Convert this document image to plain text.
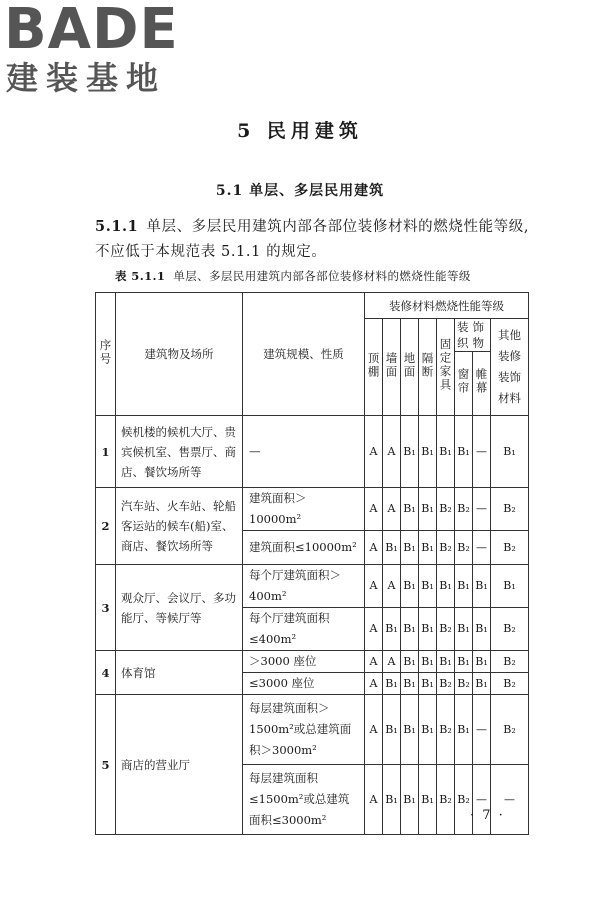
BADE
建装基地
5 民用建筑
5.1 单层、多层民用建筑
5.1.1 单层、多层民用建筑内部各部位装修材料的燃烧性能等级,不应低于本规范表 5.1.1 的规定。
表 5.1.1 单层、多层民用建筑内部各部位装修材料的燃烧性能等级
序号	建筑物及场所	建筑规模、性质	装修材料燃烧性能等级							
			顶棚	墙面	地面	隔断	固定家具	装饰织物		其他装修装饰材料
								窗帘	帷幕	
1	候机楼的候机大厅、贵宾候机室、售票厅、商店、餐饮场所等	—	A	A	B₁	B₁	B₁	B₁	—	B₁
2	汽车站、火车站、轮船客运站的候车(船)室、商店、餐饮场所等	建筑面积＞10000m²	A	A	B₁	B₁	B₂	B₂	—	B₂
		建筑面积≤10000m²	A	B₁	B₁	B₁	B₂	B₂	—	B₂
3	观众厅、会议厅、多功能厅、等候厅等	每个厅建筑面积＞400m²	A	A	B₁	B₁	B₁	B₁	B₁	B₁
		每个厅建筑面积≤400m²	A	B₁	B₁	B₁	B₂	B₁	B₁	B₂
4	体育馆	＞3000 座位	A	A	B₁	B₁	B₁	B₁	B₁	B₂
		≤3000 座位	A	B₁	B₁	B₁	B₂	B₂	B₁	B₂
5	商店的营业厅	每层建筑面积＞1500m²或总建筑面积＞3000m²	A	B₁	B₁	B₁	B₂	B₁	—	B₂
		每层建筑面积≤1500m²或总建筑面积≤3000m²	A	B₁	B₁	B₁	B₂	B₂	—	—
· 7 ·
